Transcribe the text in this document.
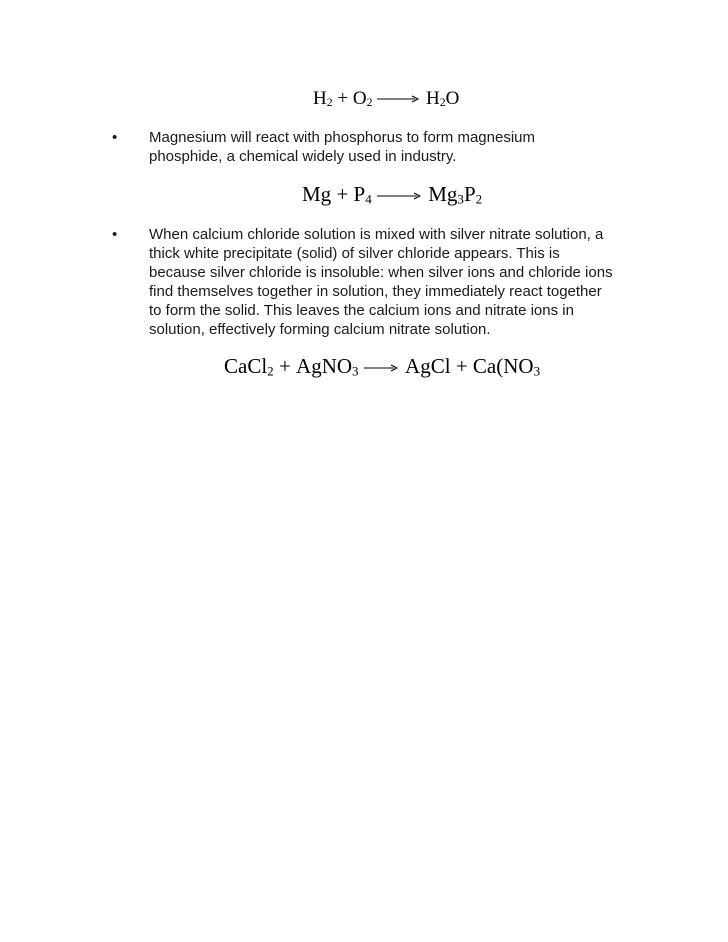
$H_2 + O_2 \to H_2O$
•	Magnesium will react with phosphorus to form magnesium
phosphide, a chemical widely used in industry.
$Mg + P_4 \to Mg_3P_2$
•	When calcium chloride solution is mixed with silver nitrate solution, a
thick white precipitate (solid) of silver chloride appears. This is
because silver chloride is insoluble: when silver ions and chloride ions
find themselves together in solution, they immediately react together
to form the solid. This leaves the calcium ions and nitrate ions in
solution, effectively forming calcium nitrate solution.
CaCl$_2$ + AgNO$_3$ → AgCl + $Ca(NO_3$
